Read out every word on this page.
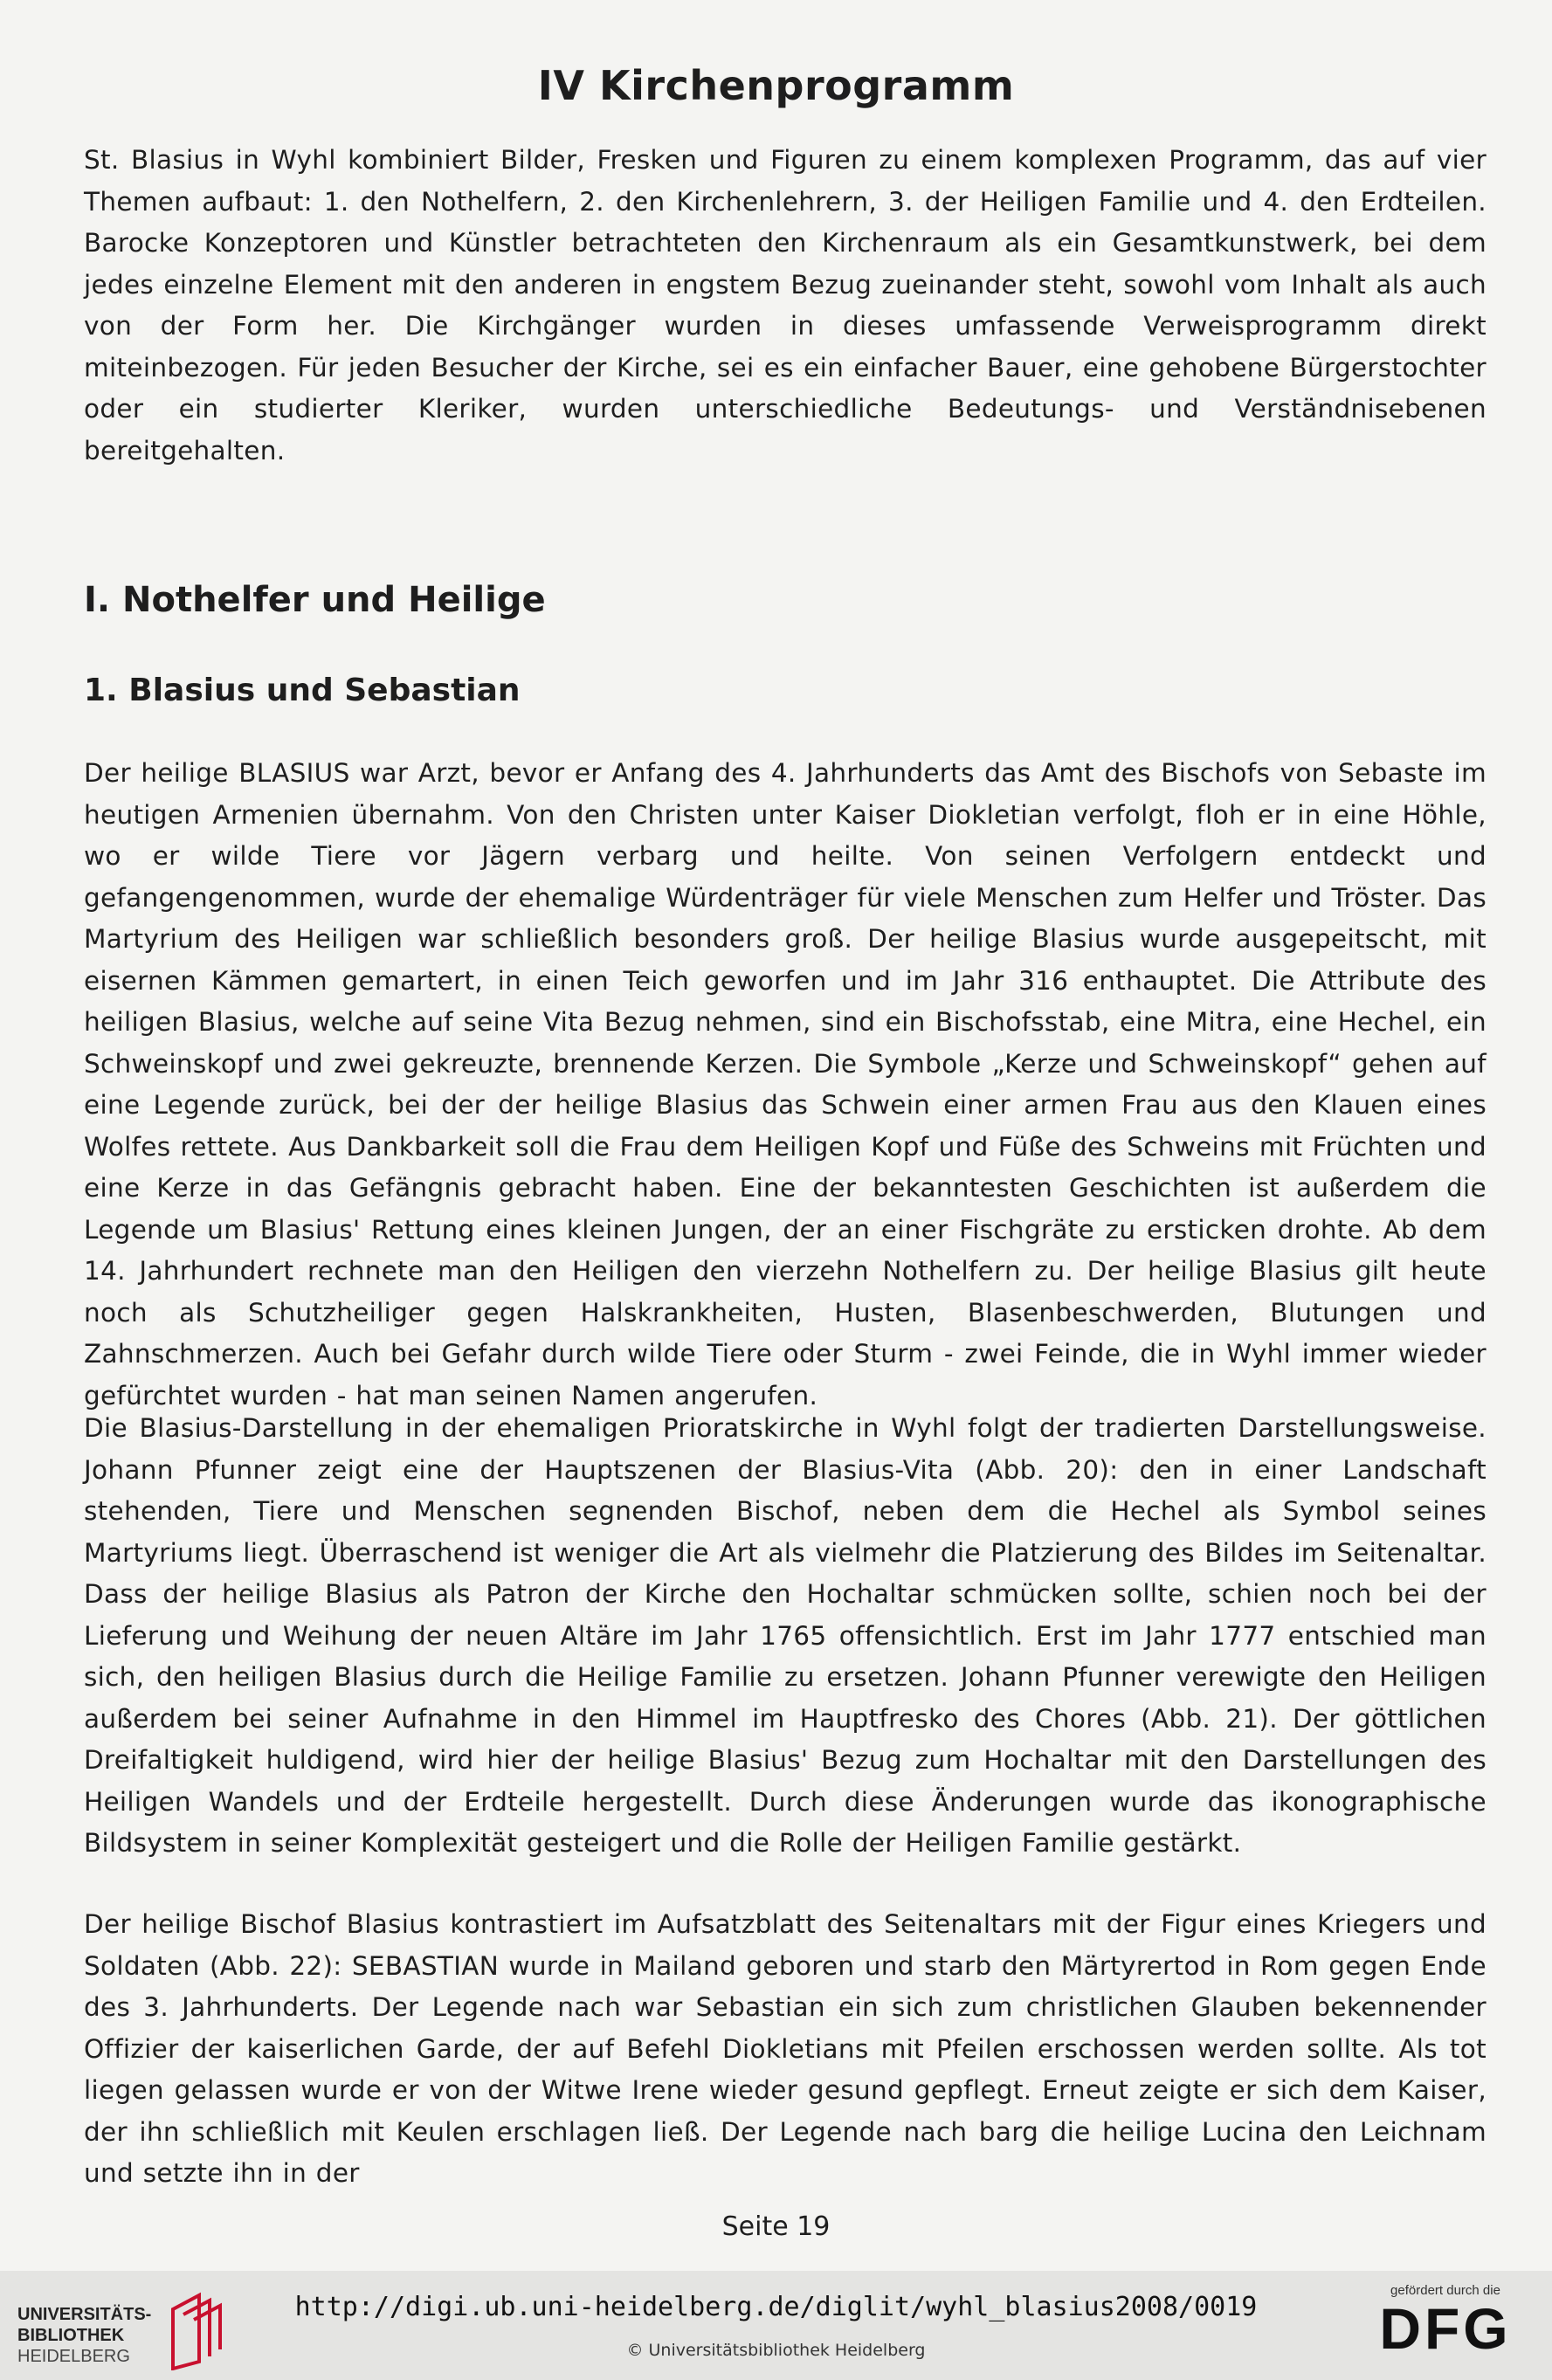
IV Kirchenprogramm

St. Blasius in Wyhl kombiniert Bilder, Fresken und Figuren zu einem komplexen Programm, das auf vier Themen aufbaut: 1. den Nothelfern, 2. den Kirchenlehrern, 3. der Heiligen Familie und 4. den Erdteilen. Barocke Konzeptoren und Künstler betrachteten den Kirchenraum als ein Gesamtkunstwerk, bei dem jedes einzelne Element mit den anderen in engstem Bezug zueinander steht, sowohl vom Inhalt als auch von der Form her. Die Kirchgänger wurden in dieses umfassende Verweisprogramm direkt miteinbezogen. Für jeden Besucher der Kirche, sei es ein einfacher Bauer, eine gehobene Bürgerstochter oder ein studierter Kleriker, wurden unterschiedliche Bedeutungs- und Verständnisebenen bereitgehalten.

I. Nothelfer und Heilige
1. Blasius und Sebastian

Der heilige BLASIUS war Arzt, bevor er Anfang des 4. Jahrhunderts das Amt des Bischofs von Sebaste im heutigen Armenien übernahm. Von den Christen unter Kaiser Diokletian verfolgt, floh er in eine Höhle, wo er wilde Tiere vor Jägern verbarg und heilte. Von seinen Verfolgern entdeckt und gefangengenommen, wurde der ehemalige Würdenträger für viele Menschen zum Helfer und Tröster. Das Martyrium des Heiligen war schließlich besonders groß. Der heilige Blasius wurde ausgepeitscht, mit eisernen Kämmen gemartert, in einen Teich geworfen und im Jahr 316 enthauptet. Die Attribute des heiligen Blasius, welche auf seine Vita Bezug nehmen, sind ein Bischofsstab, eine Mitra, eine Hechel, ein Schweinskopf und zwei gekreuzte, brennende Kerzen. Die Symbole „Kerze und Schweinskopf“ gehen auf eine Legende zurück, bei der der heilige Blasius das Schwein einer armen Frau aus den Klauen eines Wolfes rettete. Aus Dankbarkeit soll die Frau dem Heiligen Kopf und Füße des Schweins mit Früchten und eine Kerze in das Gefängnis gebracht haben. Eine der bekanntesten Geschichten ist außerdem die Legende um Blasius' Rettung eines kleinen Jungen, der an einer Fischgräte zu ersticken drohte. Ab dem 14. Jahrhundert rechnete man den Heiligen den vierzehn Nothelfern zu. Der heilige Blasius gilt heute noch als Schutzheiliger gegen Halskrankheiten, Husten, Blasenbeschwerden, Blutungen und Zahnschmerzen. Auch bei Gefahr durch wilde Tiere oder Sturm - zwei Feinde, die in Wyhl immer wieder gefürchtet wurden - hat man seinen Namen angerufen.

Die Blasius-Darstellung in der ehemaligen Prioratskirche in Wyhl folgt der tradierten Darstellungsweise. Johann Pfunner zeigt eine der Hauptszenen der Blasius-Vita (Abb. 20): den in einer Landschaft stehenden, Tiere und Menschen segnenden Bischof, neben dem die Hechel als Symbol seines Martyriums liegt. Überraschend ist weniger die Art als vielmehr die Platzierung des Bildes im Seitenaltar. Dass der heilige Blasius als Patron der Kirche den Hochaltar schmücken sollte, schien noch bei der Lieferung und Weihung der neuen Altäre im Jahr 1765 offensichtlich. Erst im Jahr 1777 entschied man sich, den heiligen Blasius durch die Heilige Familie zu ersetzen. Johann Pfunner verewigte den Heiligen außerdem bei seiner Aufnahme in den Himmel im Hauptfresko des Chores (Abb. 21). Der göttlichen Dreifaltigkeit huldigend, wird hier der heilige Blasius' Bezug zum Hochaltar mit den Darstellungen des Heiligen Wandels und der Erdteile hergestellt. Durch diese Änderungen wurde das ikonographische Bildsystem in seiner Komplexität gesteigert und die Rolle der Heiligen Familie gestärkt.

Der heilige Bischof Blasius kontrastiert im Aufsatzblatt des Seitenaltars mit der Figur eines Kriegers und Soldaten (Abb. 22): SEBASTIAN wurde in Mailand geboren und starb den Märtyrertod in Rom gegen Ende des 3. Jahrhunderts. Der Legende nach war Sebastian ein sich zum christlichen Glauben bekennender Offizier der kaiserlichen Garde, der auf Befehl Diokletians mit Pfeilen erschossen werden sollte. Als tot liegen gelassen wurde er von der Witwe Irene wieder gesund gepflegt. Erneut zeigte er sich dem Kaiser, der ihn schließlich mit Keulen erschlagen ließ. Der Legende nach barg die heilige Lucina den Leichnam und setzte ihn in der

Seite 19
UNIVERSITÄTS-
BIBLIOTHEK
HEIDELBERG
http://digi.ub.uni-heidelberg.de/diglit/wyhl_blasius2008/0019
© Universitätsbibliothek Heidelberg
gefördert durch die
DFG
